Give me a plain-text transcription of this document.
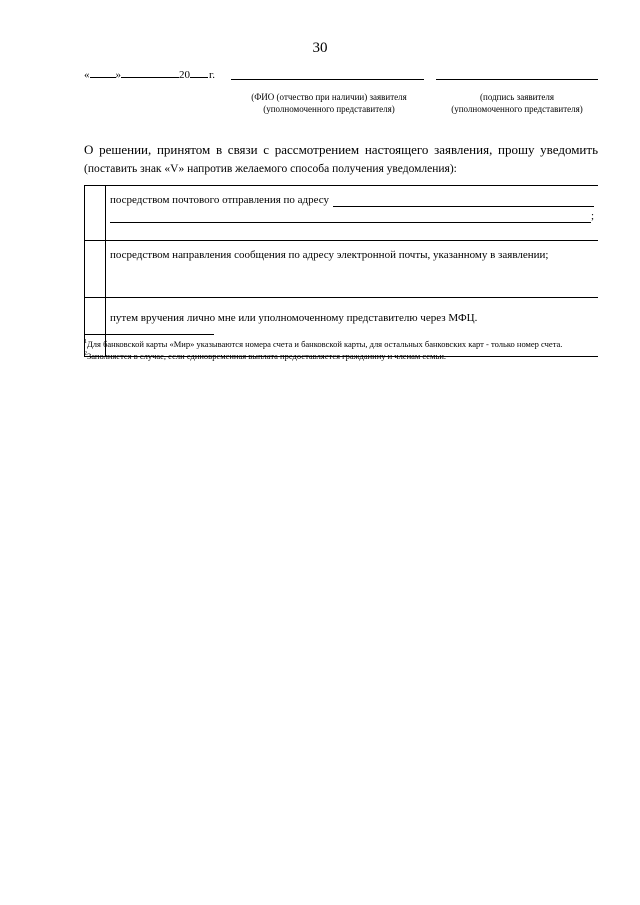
30
« »	20 г.
(ФИО (отчество при наличии) заявителя
(уполномоченного представителя)
(подпись заявителя
(уполномоченного представителя)
О решении, принятом в связи с рассмотрением настоящего заявления, прошу уведомить (поставить знак «V» напротив желаемого способа получения уведомления):

	посредством почтового отправления по адресу
;

	посредством направления сообщения по адресу электронной почты, указанному в заявлении;
	путем вручения лично мне или уполномоченному представителю через МФЦ.
$^1$Для банковской карты «Мир» указываются номера счета и банковской карты, для остальных банковских карт - только номер счета.
$^2$Заполняется в случае, если единовременная выплата предоставляется гражданину и членам семьи.
